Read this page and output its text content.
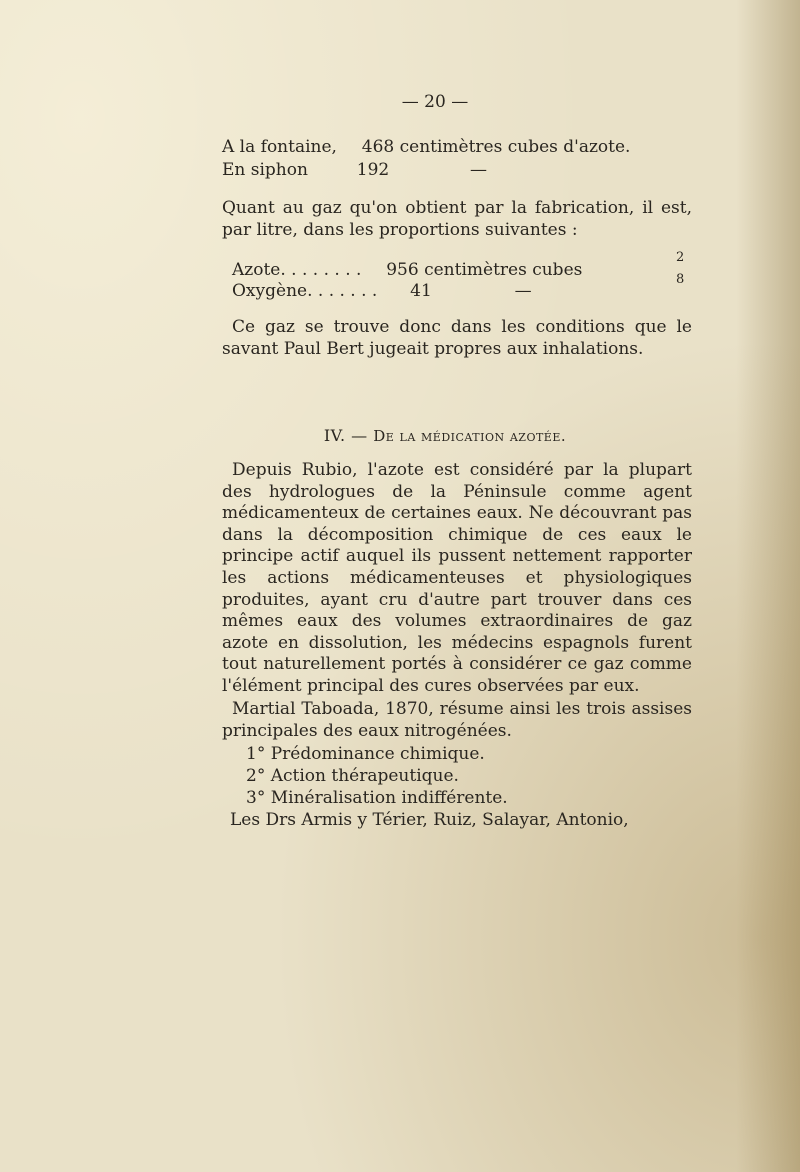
— 20 —
A la fontaine, 468 centimètres cubes d'azote.
En siphon	192	—
Quant au gaz qu'on obtient par la fabrication, il est, par litre, dans les proportions suivantes :
Azote. . . . . . . . 956 centimètres cubes
2
Oxygène. . . . . . . 41	—
8
Ce gaz se trouve donc dans les conditions que le savant Paul Bert jugeait propres aux inhalations.
IV. — De la médication azotée.
Depuis Rubio, l'azote est considéré par la plupart des hydrologues de la Péninsule comme agent médicamenteux de certaines eaux. Ne découvrant pas dans la décomposition chimique de ces eaux le principe actif auquel ils pussent nettement rapporter les actions médicamenteuses et physiologiques produites, ayant cru d'autre part trouver dans ces mêmes eaux des volumes extraordinaires de gaz azote en dissolution, les médecins espagnols furent tout naturellement portés à considérer ce gaz comme l'élément principal des cures observées par eux.
Martial Taboada, 1870, résume ainsi les trois assises principales des eaux nitrogénées.
1° Prédominance chimique.
2° Action thérapeutique.
3° Minéralisation indifférente.
Les Drs Armis y Térier, Ruiz, Salayar, Antonio,
